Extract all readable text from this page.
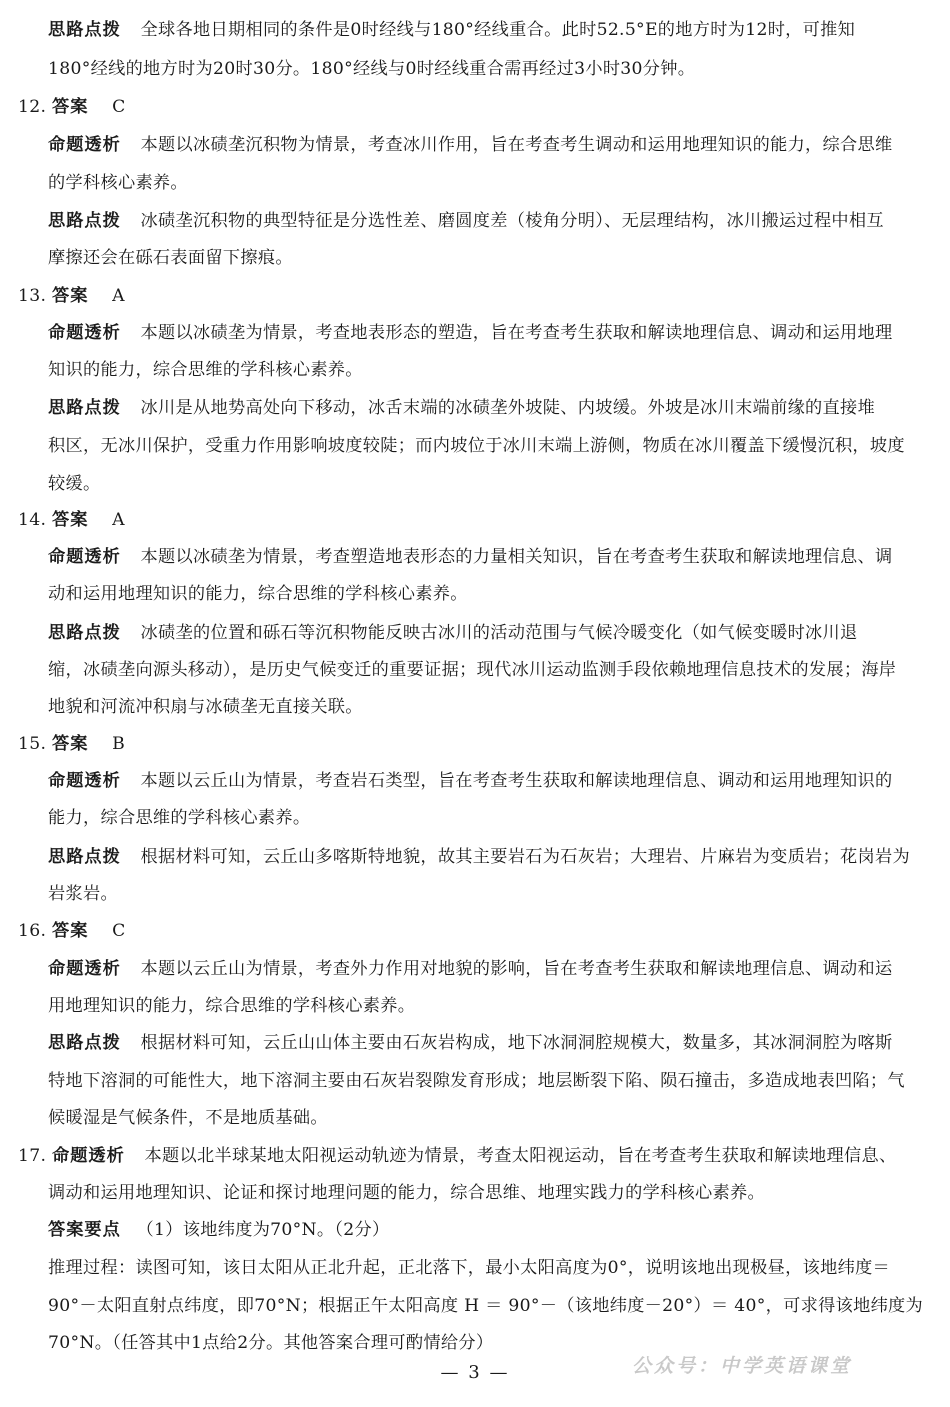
思路点拨 全球各地日期相同的条件是0时经线与180°经线重合。此时52.5°E的地方时为12时，可推知
180°经线的地方时为20时30分。180°经线与0时经线重合需再经过3小时30分钟。
12. 答案 C
命题透析 本题以冰碛垄沉积物为情景，考查冰川作用，旨在考查考生调动和运用地理知识的能力，综合思维
的学科核心素养。
思路点拨 冰碛垄沉积物的典型特征是分选性差、磨圆度差（棱角分明）、无层理结构，冰川搬运过程中相互
摩擦还会在砾石表面留下擦痕。
13. 答案 A
命题透析 本题以冰碛垄为情景，考查地表形态的塑造，旨在考查考生获取和解读地理信息、调动和运用地理
知识的能力，综合思维的学科核心素养。
思路点拨 冰川是从地势高处向下移动，冰舌末端的冰碛垄外坡陡、内坡缓。外坡是冰川末端前缘的直接堆
积区，无冰川保护，受重力作用影响坡度较陡；而内坡位于冰川末端上游侧，物质在冰川覆盖下缓慢沉积，坡度
较缓。
14. 答案 A
命题透析 本题以冰碛垄为情景，考查塑造地表形态的力量相关知识，旨在考查考生获取和解读地理信息、调
动和运用地理知识的能力，综合思维的学科核心素养。
思路点拨 冰碛垄的位置和砾石等沉积物能反映古冰川的活动范围与气候冷暖变化（如气候变暖时冰川退
缩，冰碛垄向源头移动），是历史气候变迁的重要证据；现代冰川运动监测手段依赖地理信息技术的发展；海岸
地貌和河流冲积扇与冰碛垄无直接关联。
15. 答案 B
命题透析 本题以云丘山为情景，考查岩石类型，旨在考查考生获取和解读地理信息、调动和运用地理知识的
能力，综合思维的学科核心素养。
思路点拨 根据材料可知，云丘山多喀斯特地貌，故其主要岩石为石灰岩；大理岩、片麻岩为变质岩；花岗岩为
岩浆岩。
16. 答案 C
命题透析 本题以云丘山为情景，考查外力作用对地貌的影响，旨在考查考生获取和解读地理信息、调动和运
用地理知识的能力，综合思维的学科核心素养。
思路点拨 根据材料可知，云丘山山体主要由石灰岩构成，地下冰洞洞腔规模大，数量多，其冰洞洞腔为喀斯
特地下溶洞的可能性大，地下溶洞主要由石灰岩裂隙发育形成；地层断裂下陷、陨石撞击，多造成地表凹陷；气
候暖湿是气候条件，不是地质基础。
17. 命题透析 本题以北半球某地太阳视运动轨迹为情景，考查太阳视运动，旨在考查考生获取和解读地理信息、
调动和运用地理知识、论证和探讨地理问题的能力，综合思维、地理实践力的学科核心素养。
答案要点 （1）该地纬度为70°N。（2分）
推理过程：读图可知，该日太阳从正北升起，正北落下，最小太阳高度为0°，说明该地出现极昼，该地纬度＝
90°－太阳直射点纬度，即70°N；根据正午太阳高度 H ＝ 90°－（该地纬度－20°）＝ 40°，可求得该地纬度为
70°N。（任答其中1点给2分。其他答案合理可酌情给分）
— 3 —	公众号：中学英语课堂
